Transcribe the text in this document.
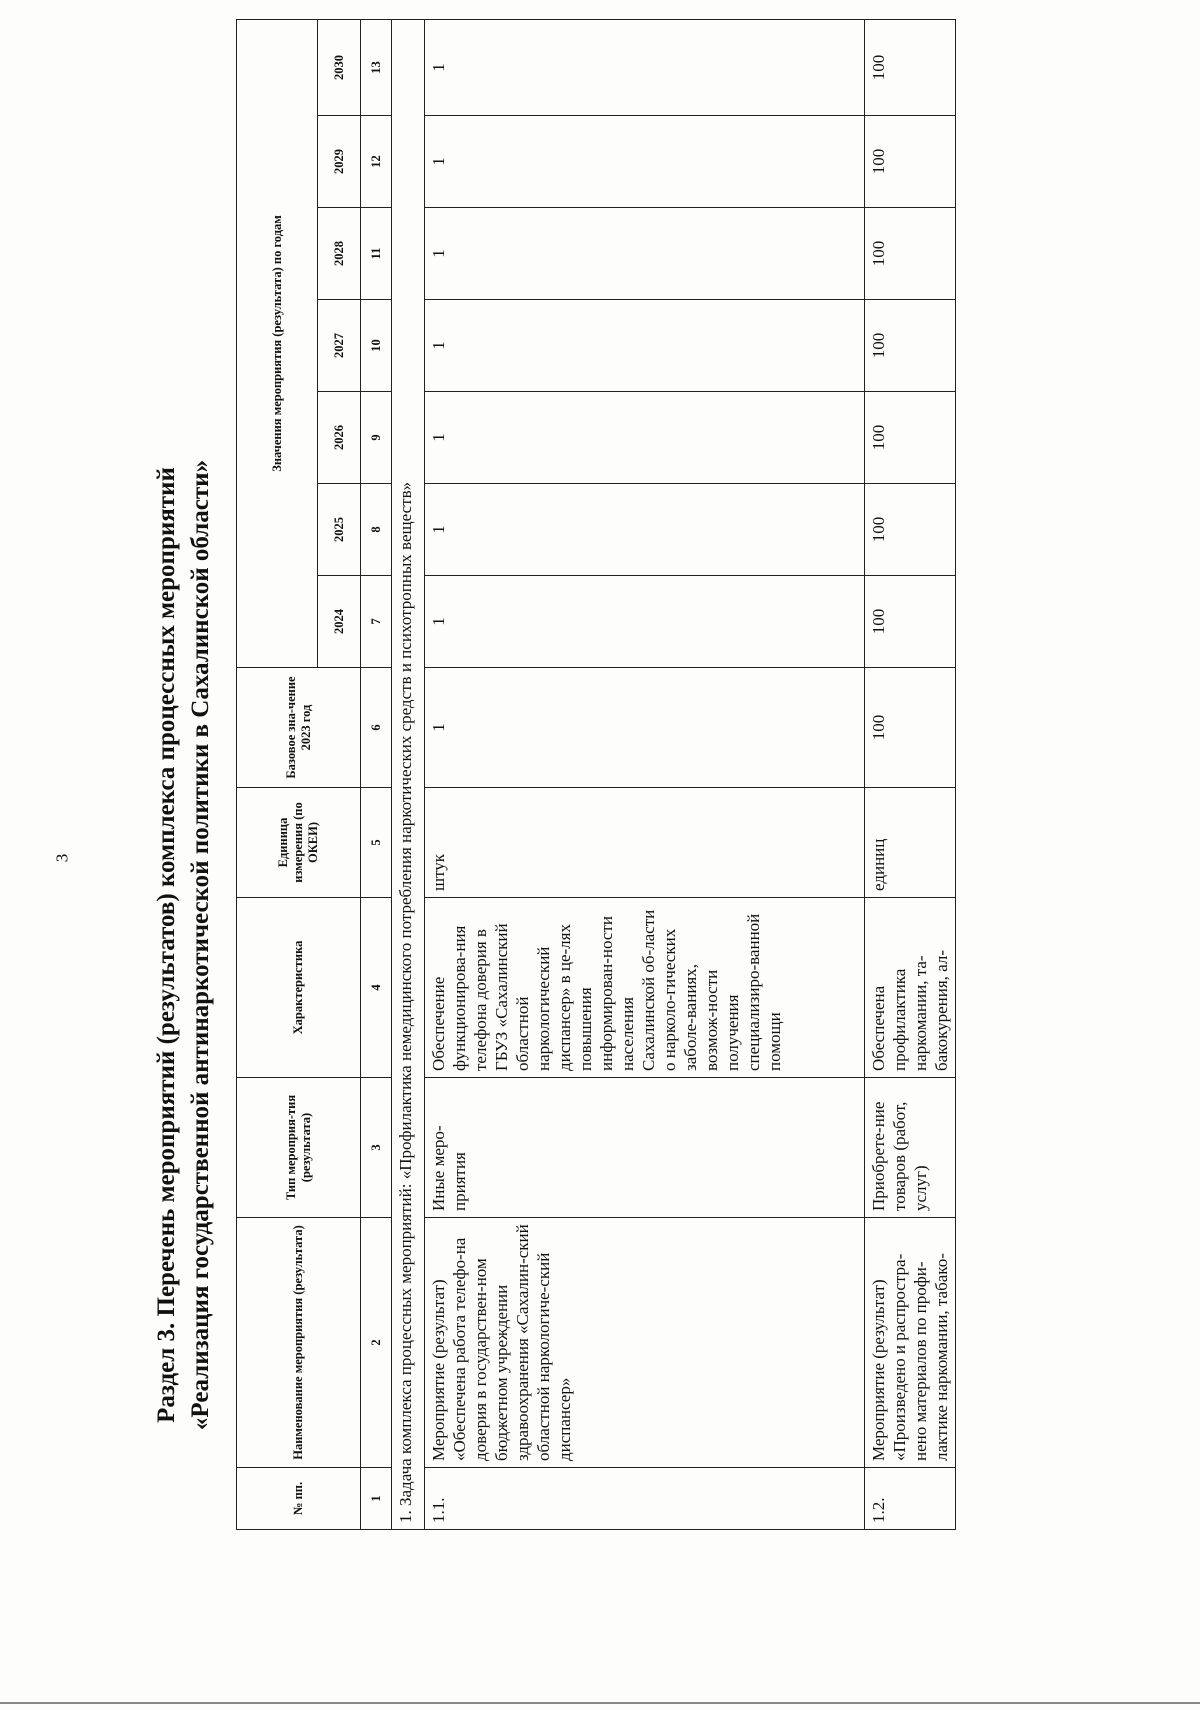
3	Раздел 3. Перечень мероприятий (результатов) комплекса процессных мероприятий «Реализация государственной антинаркотической политики в Сахалинской области»
№ пп.	Наименование мероприятия (результата)	Тип мероприя-тия (результата)	Характеристика	Единица измерения (по ОКЕИ)	Базовое зна-чение 2023 год	Значения мероприятия (результата) по годам						
						2024	2025	2026	2027	2028	2029	2030
1	2	3	4	5	6	7	8	9	10	11	12	13
1. Задача комплекса процессных мероприятий: «Профилактика немедицинского потребления наркотических средств и психотропных веществ»												
1.1.	Мероприятие (результат) «Обеспечена работа телефо-на доверия в государствен-ном бюджетном учреждении здравоохранения «Сахалин-ский областной наркологиче-ский диспансер»	Иные меро-приятия	Обеспечение функционирова-ния телефона доверия в ГБУЗ «Сахалинский областной наркологический диспансер» в це-лях повышения информирован-ности населения Сахалинской об-ласти о нарколо-гических заболе-ваниях, возмож-ности получения специализиро-ванной помощи	штук	1	1	1	1	1	1	1	1
1.2.	Мероприятие (результат) «Произведено и распростра-нено материалов по профи-лактике наркомании, табако-	Приобрете-ние товаров (работ, услуг)	Обеспечена профилактика наркомании, та-бакокурения, ал-	единиц	100	100	100	100	100	100	100	100
